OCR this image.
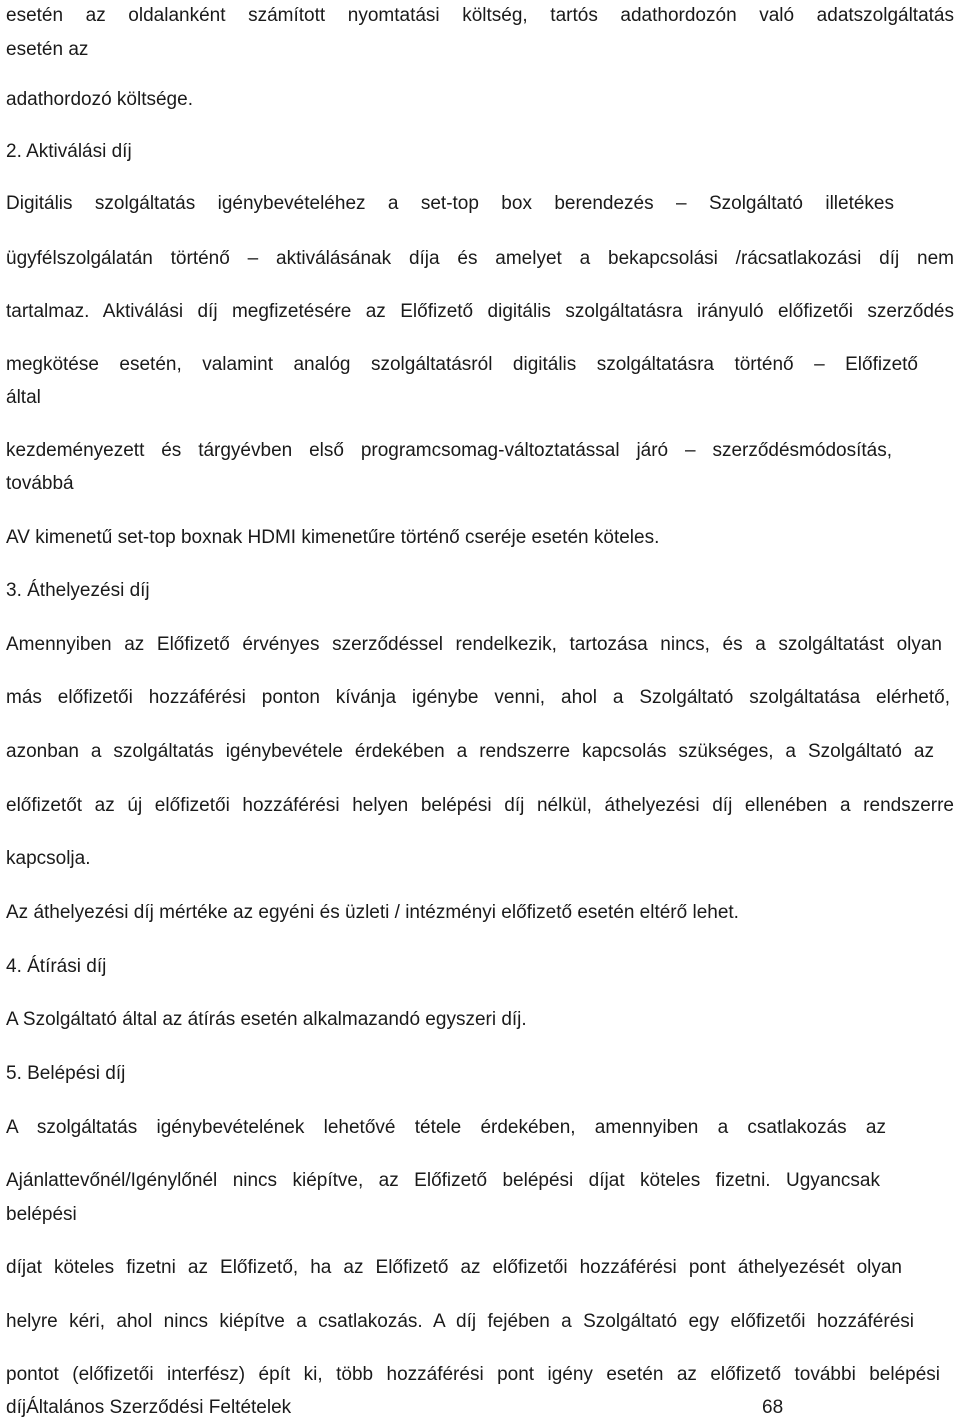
esetén az oldalanként számított nyomtatási költség, tartós adathordozón való adatszolgáltatás

esetén az

adathordozó költsége.

2. Aktiválási díj

Digitális szolgáltatás igénybevételéhez a set-top box berendezés – Szolgáltató illetékes

ügyfélszolgálatán történő – aktiválásának díja és amelyet a bekapcsolási /rácsatlakozási díj nem

tartalmaz. Aktiválási díj megfizetésére az Előfizető digitális szolgáltatásra irányuló előfizetői szerződés

megkötése esetén, valamint analóg szolgáltatásról digitális szolgáltatásra történő – Előfizető

által

kezdeményezett és tárgyévben első programcsomag-változtatással járó – szerződésmódosítás,

továbbá

AV kimenetű set-top boxnak HDMI kimenetűre történő cseréje esetén köteles.

3. Áthelyezési díj

Amennyiben az Előfizető érvényes szerződéssel rendelkezik, tartozása nincs, és a szolgáltatást olyan

más előfizetői hozzáférési ponton kívánja igénybe venni, ahol a Szolgáltató szolgáltatása elérhető,

azonban a szolgáltatás igénybevétele érdekében a rendszerre kapcsolás szükséges, a Szolgáltató az

előfizetőt az új előfizetői hozzáférési helyen belépési díj nélkül, áthelyezési díj ellenében a rendszerre

kapcsolja.

Az áthelyezési díj mértéke az egyéni és üzleti / intézményi előfizető esetén eltérő lehet.

4. Átírási díj

A Szolgáltató által az átírás esetén alkalmazandó egyszeri díj.

5. Belépési díj

A szolgáltatás igénybevételének lehetővé tétele érdekében, amennyiben a csatlakozás az

Ajánlattevőnél/Igénylőnél nincs kiépítve, az Előfizető belépési díjat köteles fizetni. Ugyancsak

belépési

díjat köteles fizetni az Előfizető, ha az Előfizető az előfizetői hozzáférési pont áthelyezését olyan

helyre kéri, ahol nincs kiépítve a csatlakozás. A díj fejében a Szolgáltató egy előfizetői hozzáférési

pontot (előfizetői interfész) épít ki, több hozzáférési pont igény esetén az előfizető további belépési

díjÁltalános Szerződési Feltételek	68
